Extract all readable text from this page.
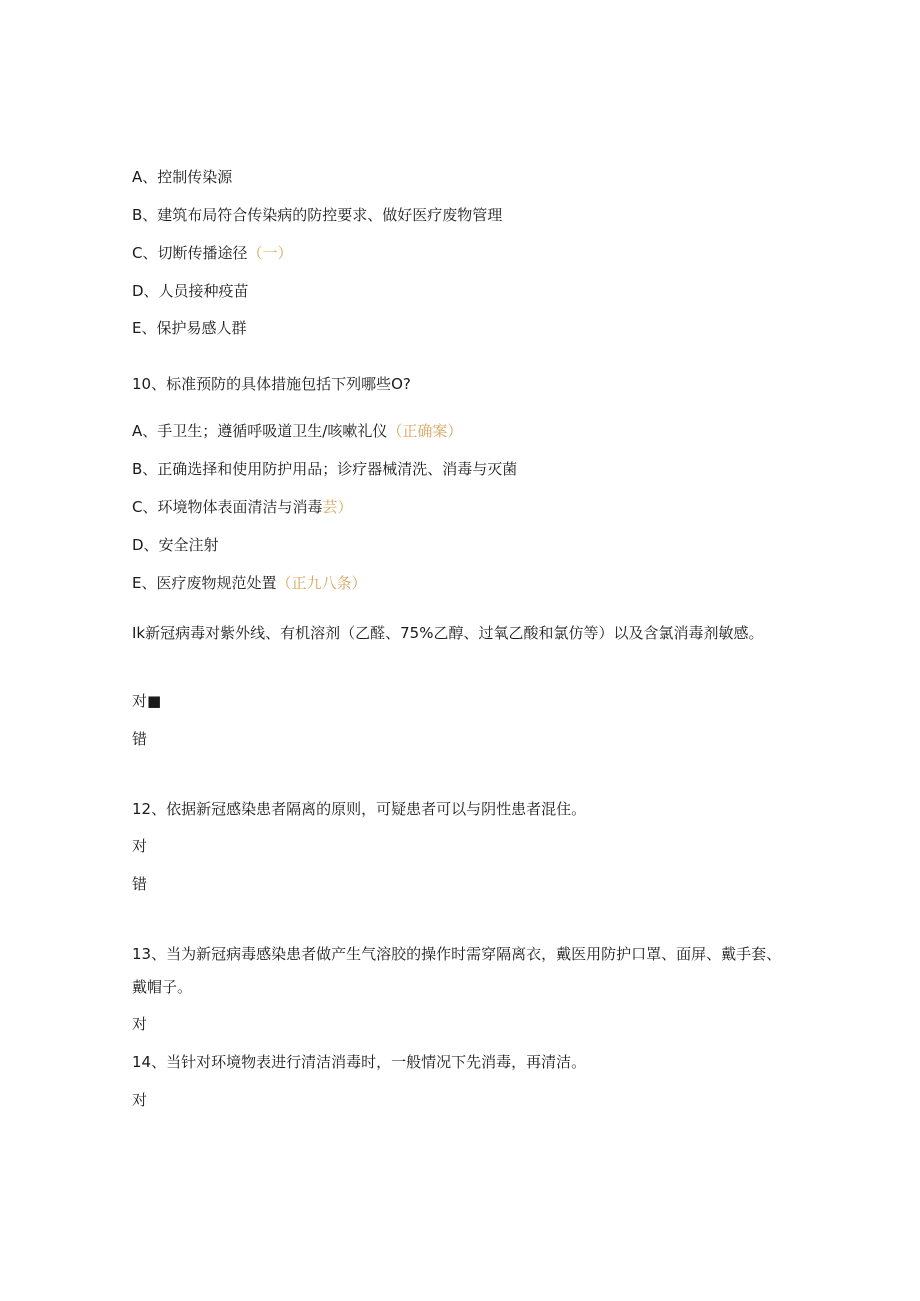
A、控制传染源
B、建筑布局符合传染病的防控要求、做好医疗废物管理
C、切断传播途径（一）
D、人员接种疫苗
E、保护易感人群
10、标准预防的具体措施包括下列哪些O?
A、手卫生；遵循呼吸道卫生/咳嗽礼仪（正确案）
B、正确选择和使用防护用品；诊疗器械清洗、消毒与灭菌
C、环境物体表面清洁与消毒芸）
D、安全注射
E、医疗废物规范处置（正九八条）
Ik新冠病毒对紫外线、有机溶剂（乙醛、75%乙醇、过氧乙酸和氯仿等）以及含氯消毒剂敏感。
对■
错
12、依据新冠感染患者隔离的原则，可疑患者可以与阴性患者混住。
对
错
13、当为新冠病毒感染患者做产生气溶胶的操作时需穿隔离衣，戴医用防护口罩、面屏、戴手套、戴帽子。
对
14、当针对环境物表进行清洁消毒时，一般情况下先消毒，再清洁。
对
